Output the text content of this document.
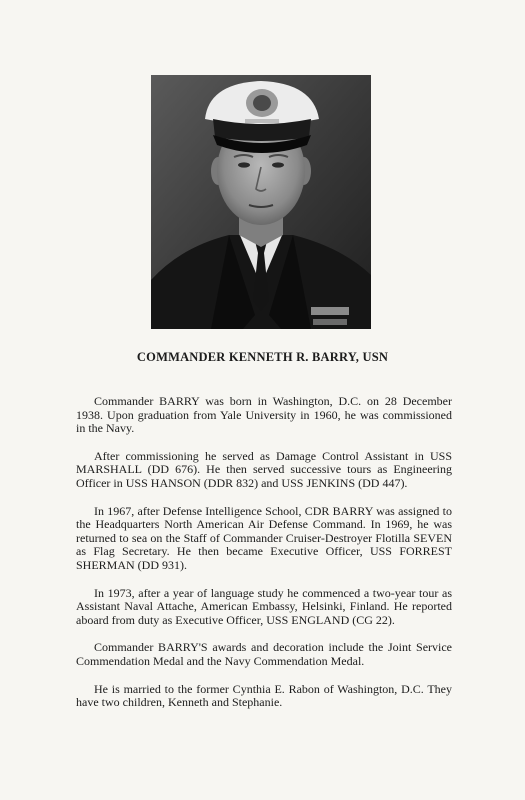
COMMANDER KENNETH R. BARRY, USN

Commander BARRY was born in Washington, D.C. on 28 December 1938. Upon graduation from Yale University in 1960, he was commissioned in the Navy.

After commissioning he served as Damage Control Assistant in USS MARSHALL (DD 676). He then served successive tours as Engineering Officer in USS HANSON (DDR 832) and USS JENKINS (DD 447).

In 1967, after Defense Intelligence School, CDR BARRY was assigned to the Headquarters North American Air Defense Command. In 1969, he was returned to sea on the Staff of Commander Cruiser-Destroyer Flotilla SEVEN as Flag Secretary. He then became Executive Officer, USS FORREST SHERMAN (DD 931).

In 1973, after a year of language study he commenced a two-year tour as Assistant Naval Attache, American Embassy, Helsinki, Finland. He reported aboard from duty as Executive Officer, USS ENGLAND (CG 22).

Commander BARRY'S awards and decoration include the Joint Service Commendation Medal and the Navy Commendation Medal.

He is married to the former Cynthia E. Rabon of Washington, D.C. They have two children, Kenneth and Stephanie.
